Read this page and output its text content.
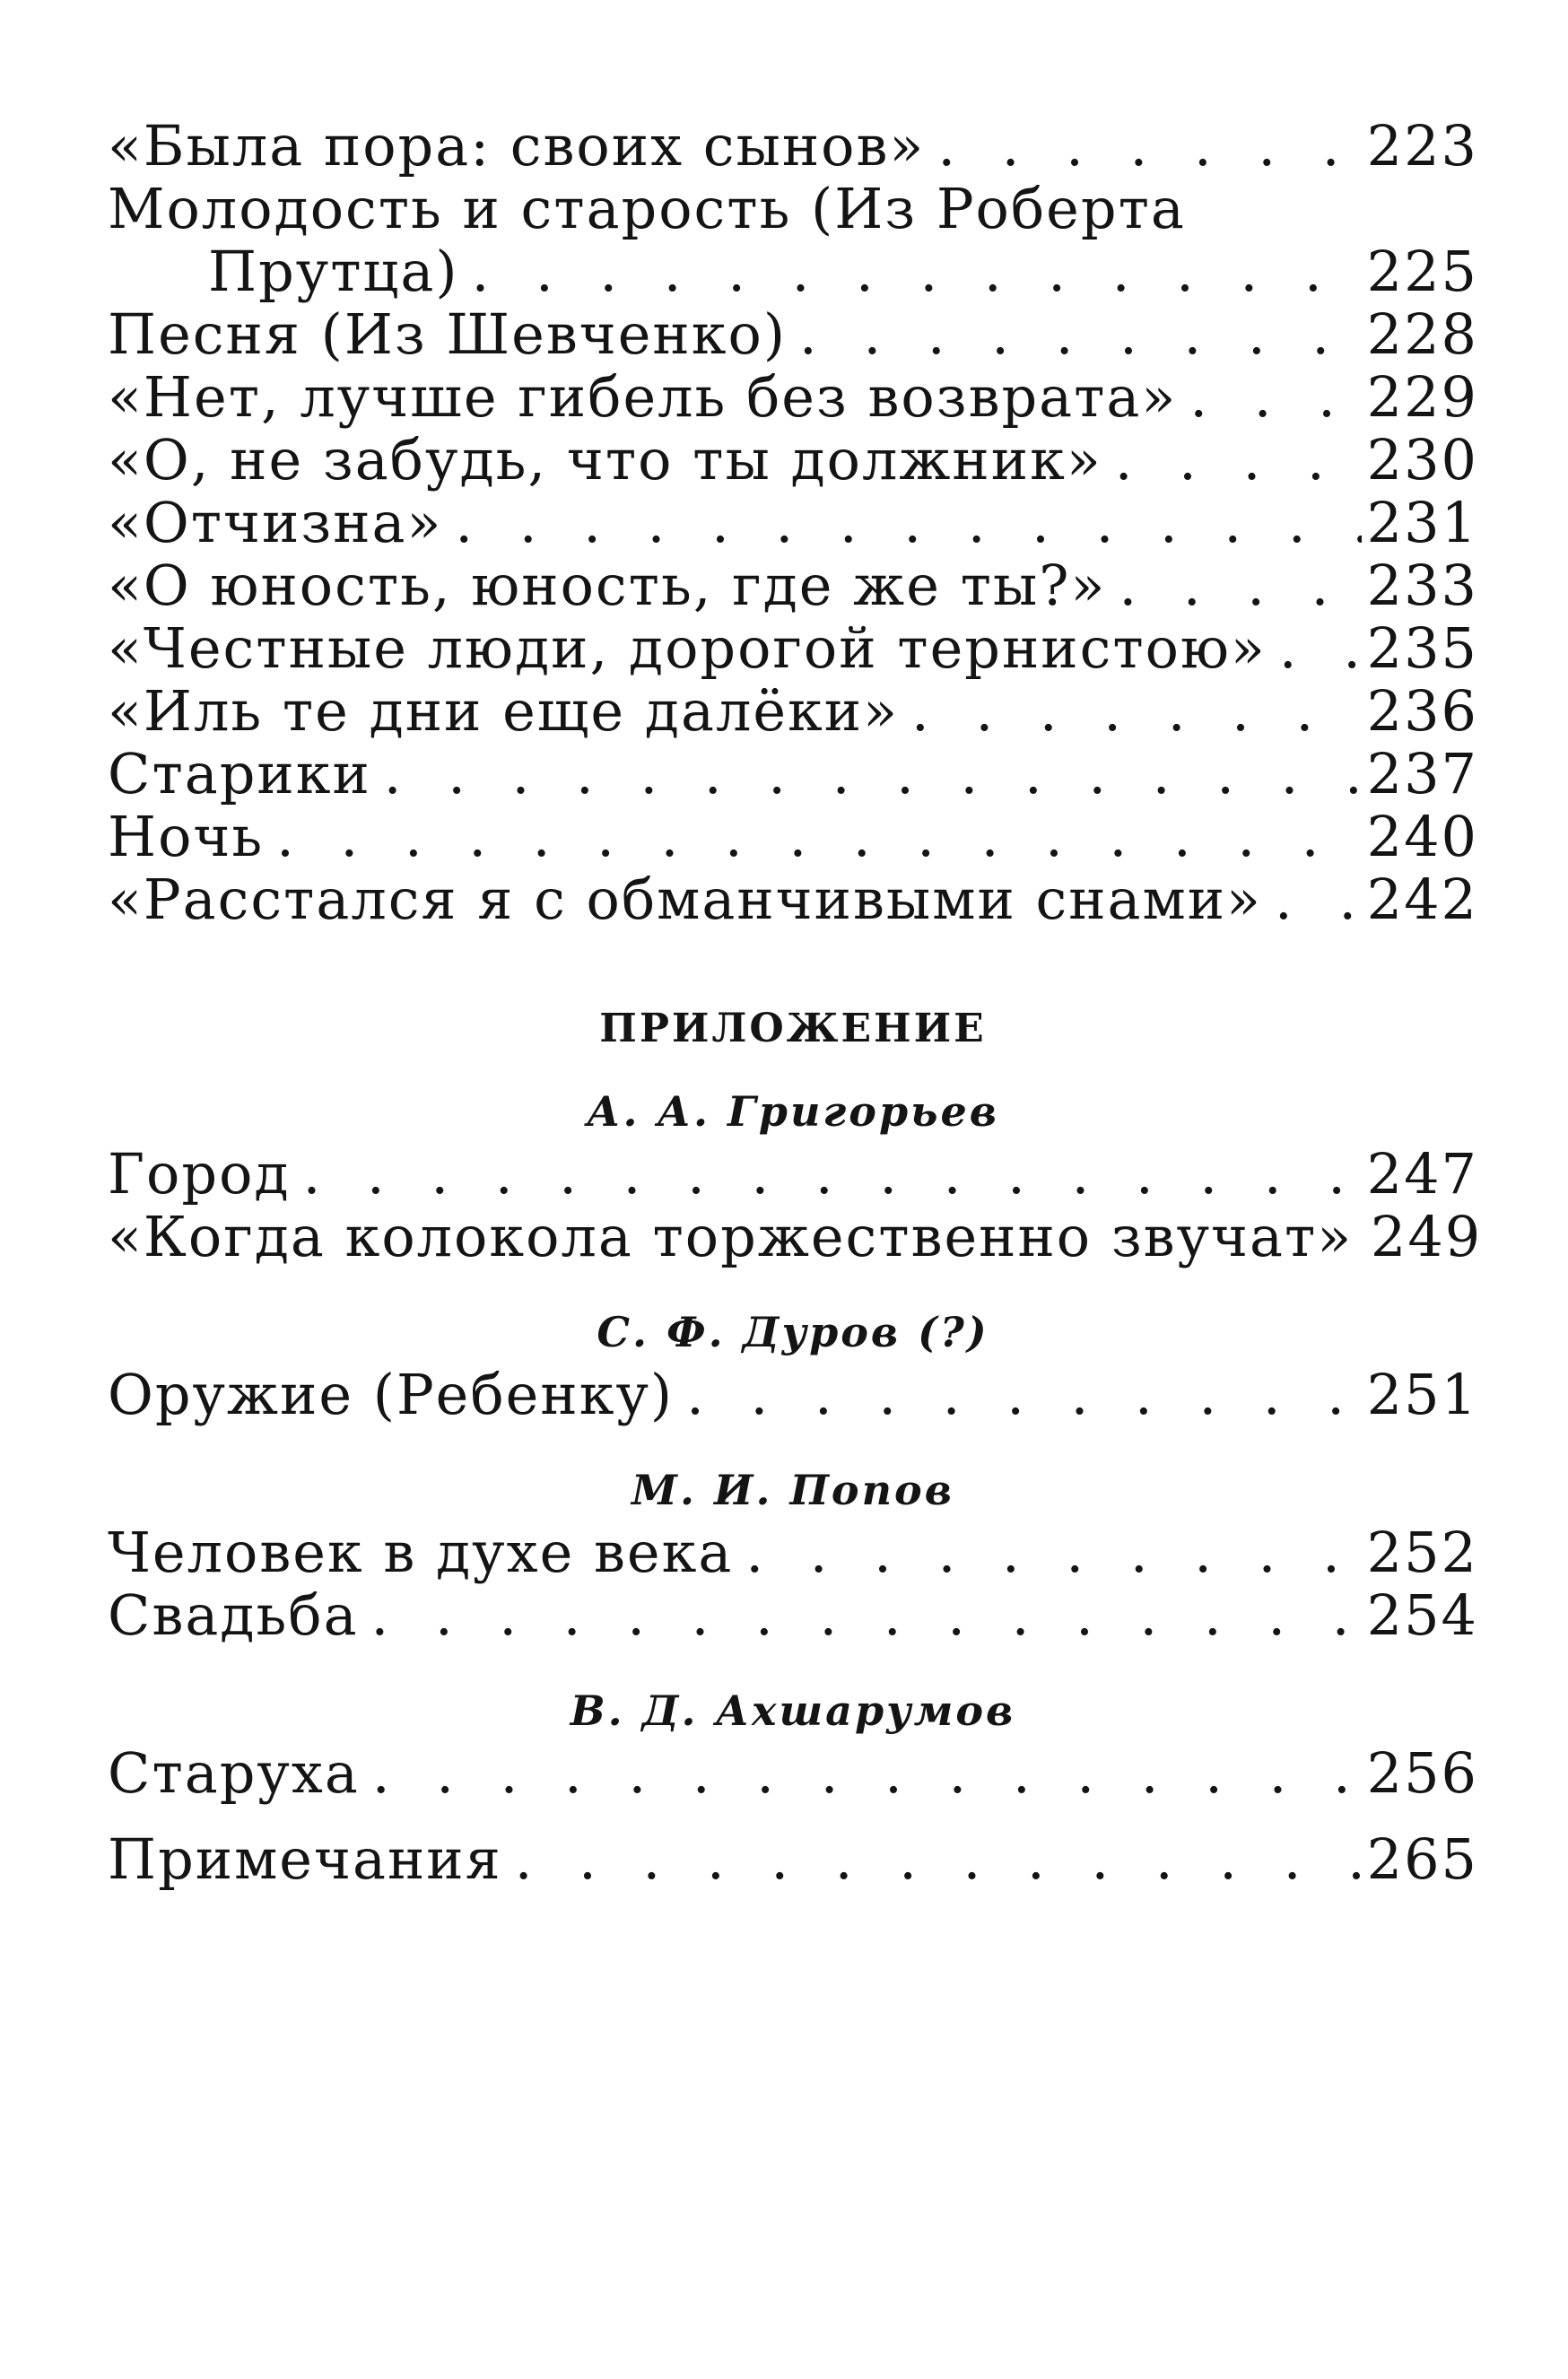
«Была пора: своих сынов» . . .	223
Молодость и старость (Из Роберта
Прутца) . . .	225
Песня (Из Шевченко) . . .	228
«Нет, лучше гибель без возврата» . . .	229
«О, не забудь, что ты должник» . . .	230
«Отчизна» . . .	231
«О юность, юность, где же ты?» . . .	233
«Честные люди, дорогой тернистою» . . . 235
«Иль те дни еще далёки» . . .	236
Старики . . .	237
Ночь . . .	240
«Расстался я с обманчивыми снами» . . . 242
ПРИЛОЖЕНИЕ
А. А. Григорьев
Город . . .	247
«Когда колокола торжественно звучат» . . . 249
С. Ф. Дуров (?)
Оружие (Ребенку) . . .	251
М. И. Попов
Человек в духе века . . .	252
Свадьба . . .	254
В. Д. Ахшарумов
Старуха . . .	256
Примечания . . .	265
